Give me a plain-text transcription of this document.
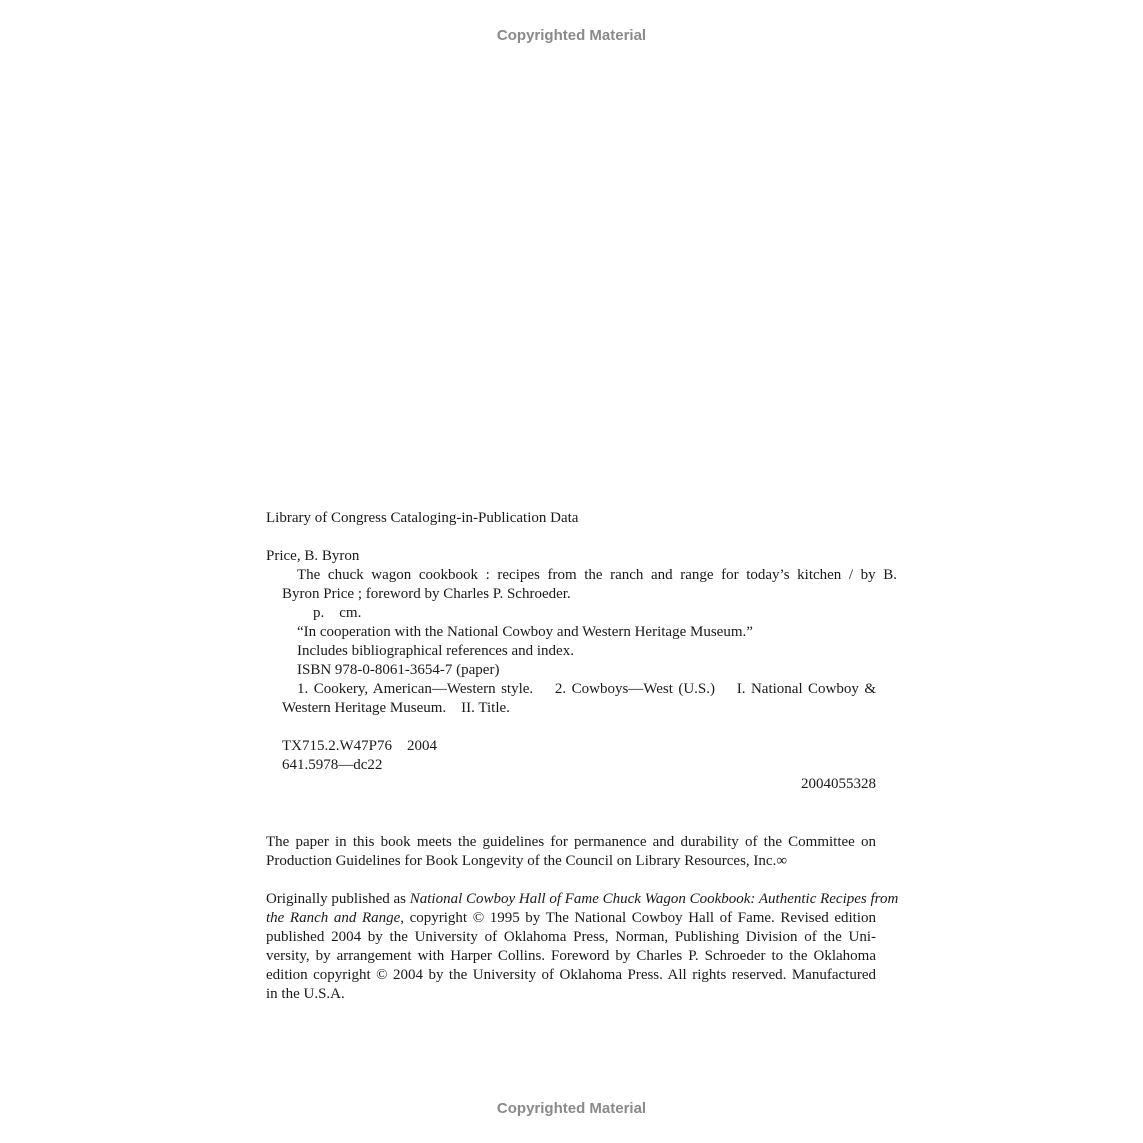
Copyrighted Material
Library of Congress Cataloging-in-Publication Data
Price, B. Byron
The chuck wagon cookbook : recipes from the ranch and range for today’s kitchen / by B.
Byron Price ; foreword by Charles P. Schroeder.
p.    cm.
“In cooperation with the National Cowboy and Western Heritage Museum.”
Includes bibliographical references and index.
ISBN 978-0-8061-3654-7 (paper)
1. Cookery, American—Western style.    2. Cowboys—West (U.S.)    I. National Cowboy &
Western Heritage Museum.    II. Title.
TX715.2.W47P76    2004
641.5978—dc22
2004055328
The paper in this book meets the guidelines for permanence and durability of the Committee on
Production Guidelines for Book Longevity of the Council on Library Resources, Inc.∞
Originally published as National Cowboy Hall of Fame Chuck Wagon Cookbook: Authentic Recipes from
the Ranch and Range, copyright © 1995 by The National Cowboy Hall of Fame. Revised edition
published 2004 by the University of Oklahoma Press, Norman, Publishing Division of the Uni-
versity, by arrangement with Harper Collins. Foreword by Charles P. Schroeder to the Oklahoma
edition copyright © 2004 by the University of Oklahoma Press. All rights reserved. Manufactured
in the U.S.A.
Copyrighted Material
